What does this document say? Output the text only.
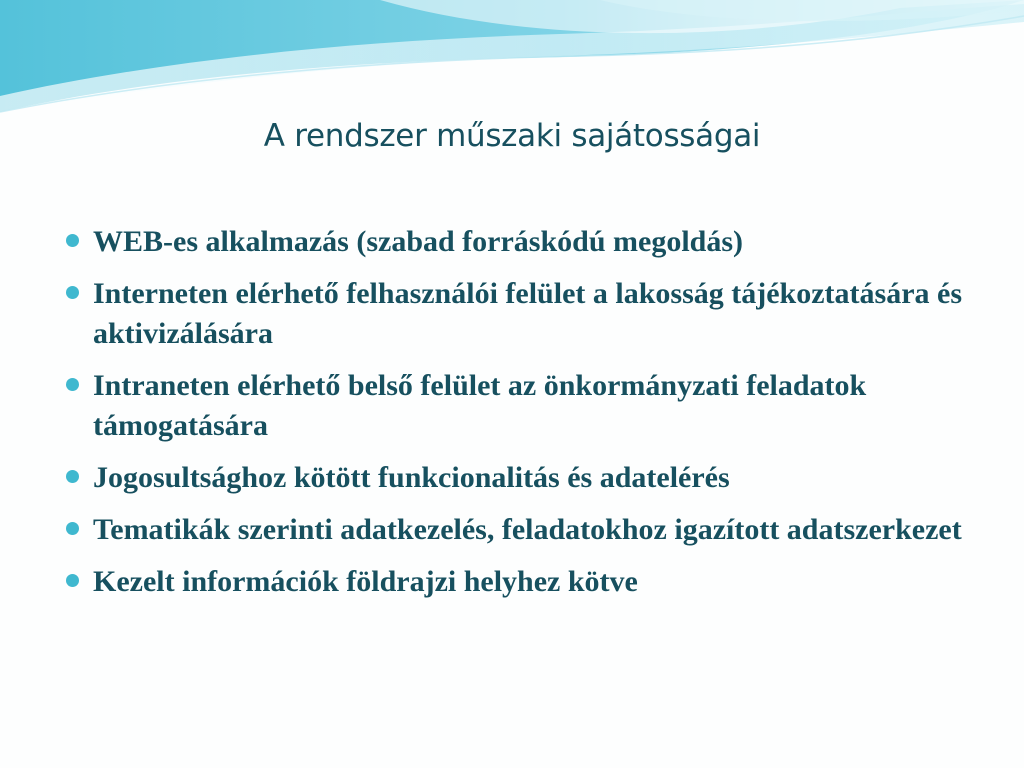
A rendszer műszaki sajátosságai
WEB-es alkalmazás (szabad forráskódú megoldás)
Interneten elérhető felhasználói felület a lakosság tájékoztatására és aktivizálására
Intraneten elérhető belső felület az önkormányzati feladatok támogatására
Jogosultsághoz kötött funkcionalitás és adatelérés
Tematikák szerinti adatkezelés, feladatokhoz igazított adatszerkezet
Kezelt információk földrajzi helyhez kötve
